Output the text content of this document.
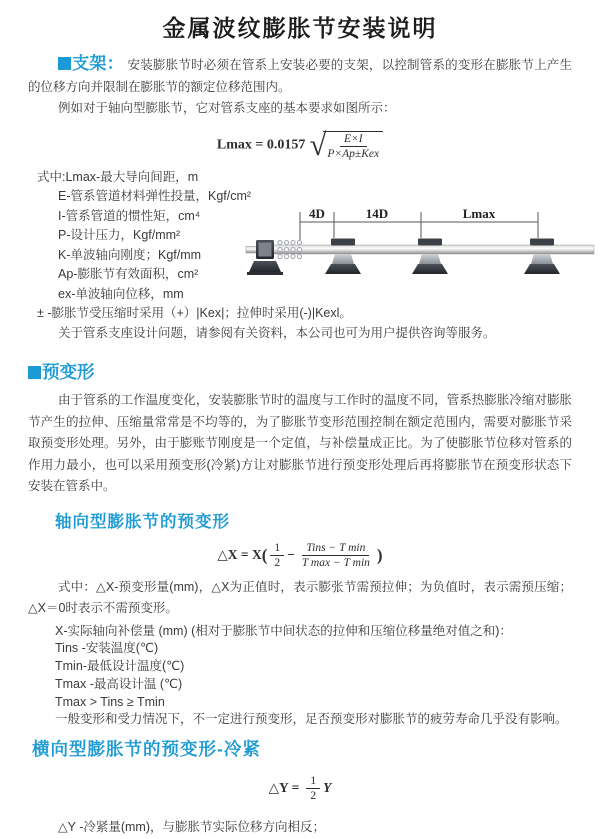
金属波纹膨胀节安装说明

支架： 安装膨胀节时必须在管系上安装必要的支架，以控制管系的变形在膨胀节上产生的位移方向并限制在膨胀节的额定位移范围内。

例如对于轴向型膨胀节，它对管系支座的基本要求如图所示：

Lmax = 0.0157 √	E×I
P×Ap±Kex
式中:Lmax-最大导向间距，m
E-管系管道材料弹性投量，Kgf/cm²
I-管系管道的惯性矩，cm⁴
P-设计压力，Kgf/mm²
K-单波轴向刚度；Kgf/mm
Ap-膨胀节有效面积，cm²
ex-单波轴向位移，mm
± -膨胀节受压缩时采用（+）|Kex|；拉伸时采用(-)|Kexl。
关于管系支座设计问题，请参阅有关资料，本公司也可为用户提供咨询等服务。
预变形

由于管系的工作温度变化，安装膨胀节时的温度与工作时的温度不同，管系热膨胀冷缩对膨胀节产生的拉伸、压缩量常常是不均等的，为了膨胀节变形范围控制在额定范围内，需要对膨胀节采取预变形处理。另外，由于膨账节刚度是一个定值，与补偿量成正比。为了使膨胀节位移对管系的作用力最小，也可以采用预变形(冷紧)方让对膨胀节进行预变形处理后再将膨胀节在预变形状态下安装在管系中。

轴向型膨胀节的预变形
△X = $X( \frac{1}{2} - \frac{\text{Tins − T min}}{\text{T max − T min}}$ )

式中：△X-预变形量(mm)，△X为正值时，表示膨张节需预拉伸；为负值时，表示需预压缩；△X＝0时表示不需预变形。

X-实际轴向补偿量 (mm) (相对于膨胀节中间状态的拉伸和压缩位移量绝对值之和)：
Tins -安装温度(℃)
Tmin-最低设计温度(℃)
Tmax -最高设计温 (℃)
Tmax > Tins ≥ Tmin
一般变形和受力情况下，不一定进行预变形，足否预变形对膨胀节的疲劳寿命几乎没有影响。
横向型膨胀节的预变形-冷紧
△Y = $\frac{1}{2}$ Y

△Y -冷紧量(mm)，与膨胀节实际位移方向相反；

4D	14D	Lmax
